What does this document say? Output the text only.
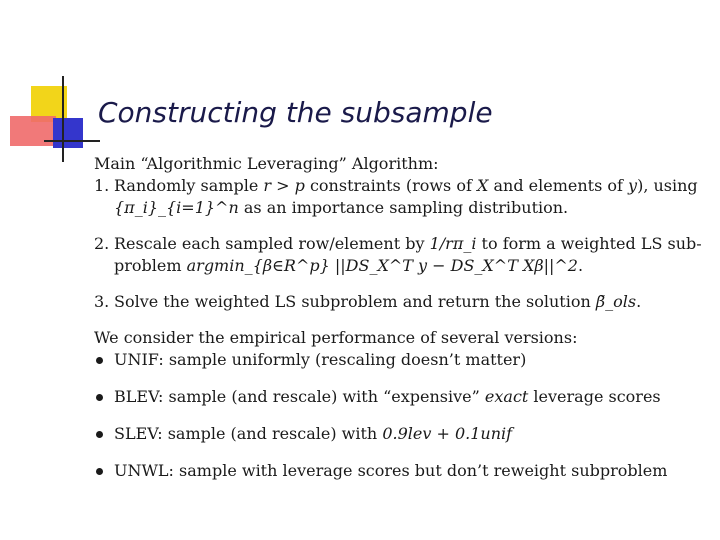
Constructing the subsample

Main “Algorithmic Leveraging” Algorithm:

1. Randomly sample r > p constraints (rows of X and elements of y), using
{π_i}_{i=1}^n as an importance sampling distribution.
2. Rescale each sampled row/element by 1/rπ_i to form a weighted LS sub-
problem argmin_{β∈R^p} ||DS_X^T y − DS_X^T Xβ||^2.
3. Solve the weighted LS subproblem and return the solution β̃_ols.

We consider the empirical performance of several versions:

UNIF: sample uniformly (rescaling doesn’t matter)
BLEV: sample (and rescale) with “expensive” exact leverage scores
SLEV: sample (and rescale) with 0.9lev + 0.1unif
UNWL: sample with leverage scores but don’t reweight subproblem
